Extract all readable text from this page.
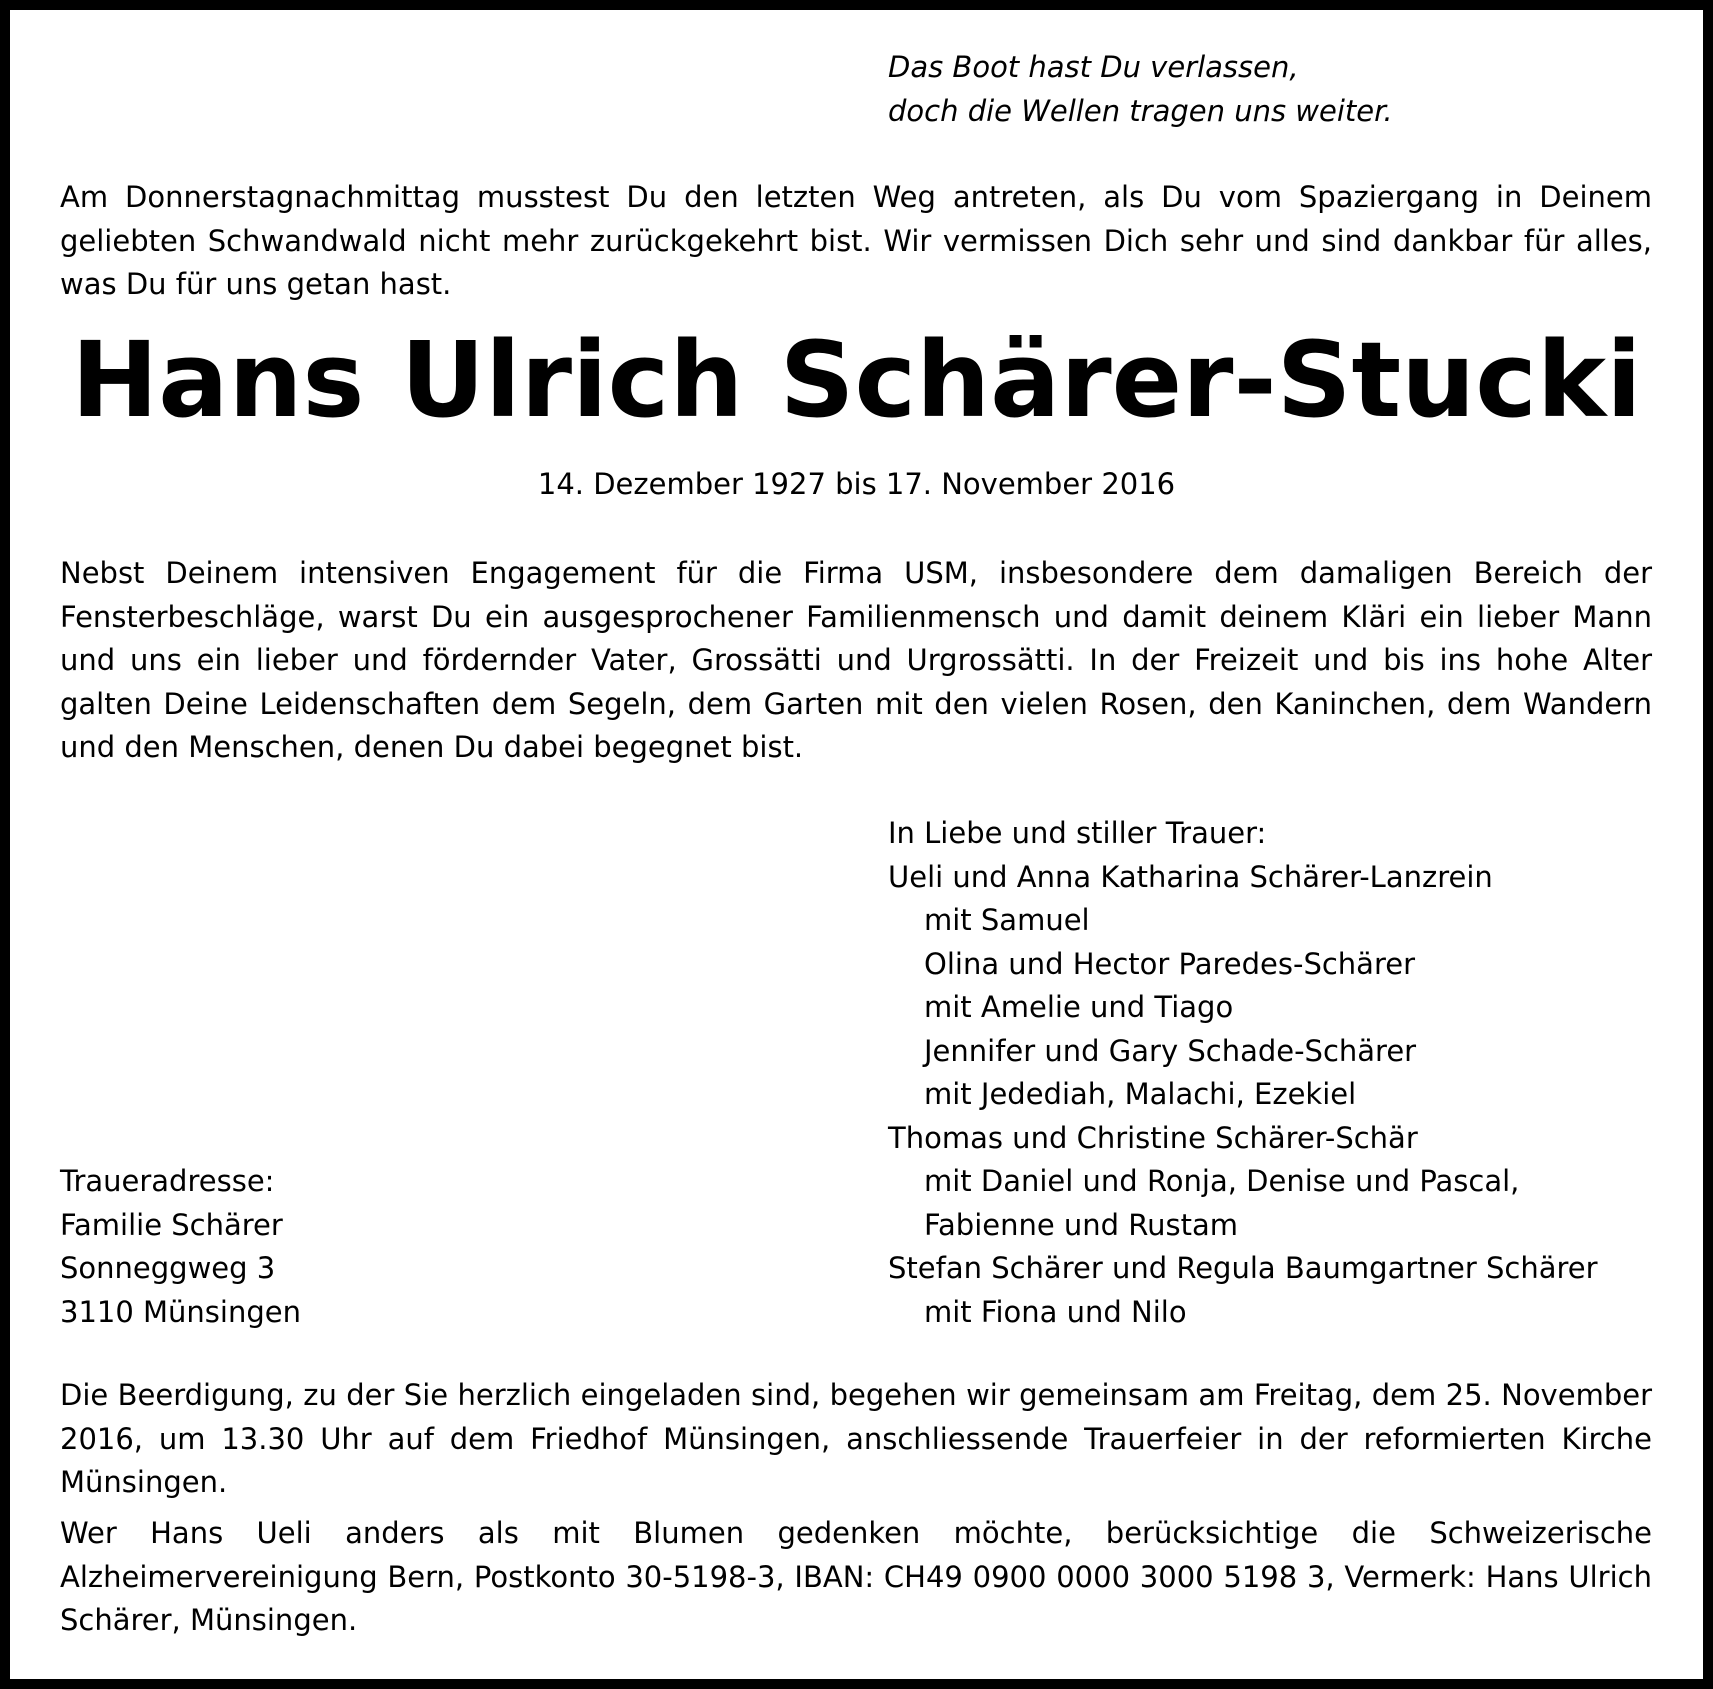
Das Boot hast Du verlassen,
doch die Wellen tragen uns weiter.
Am Donnerstagnachmittag musstest Du den letzten Weg antreten, als Du vom Spaziergang in Deinem geliebten Schwandwald nicht mehr zurückgekehrt bist. Wir vermissen Dich sehr und sind dankbar für alles, was Du für uns getan hast.
Hans Ulrich Schärer-Stucki
14. Dezember 1927 bis 17. November 2016
Nebst Deinem intensiven Engagement für die Firma USM, insbesondere dem damaligen Bereich der Fensterbeschläge, warst Du ein ausgesprochener Familienmensch und damit deinem Kläri ein lieber Mann und uns ein lieber und fördernder Vater, Grossätti und Urgrossätti. In der Freizeit und bis ins hohe Alter galten Deine Leidenschaften dem Segeln, dem Garten mit den vielen Rosen, den Kaninchen, dem Wandern und den Menschen, denen Du dabei begegnet bist.
In Liebe und stiller Trauer:
Ueli und Anna Katharina Schärer-Lanzrein
mit Samuel
Olina und Hector Paredes-Schärer
mit Amelie und Tiago
Jennifer und Gary Schade-Schärer
mit Jedediah, Malachi, Ezekiel
Thomas und Christine Schärer-Schär
mit Daniel und Ronja, Denise und Pascal,
Fabienne und Rustam
Stefan Schärer und Regula Baumgartner Schärer
mit Fiona und Nilo
Traueradresse:
Familie Schärer
Sonneggweg 3
3110 Münsingen
Die Beerdigung, zu der Sie herzlich eingeladen sind, begehen wir gemeinsam am Freitag, dem 25. November 2016, um 13.30 Uhr auf dem Friedhof Münsingen, anschliessende Trauerfeier in der reformierten Kirche Münsingen.
Wer Hans Ueli anders als mit Blumen gedenken möchte, berücksichtige die Schweizerische Alzheimervereinigung Bern, Postkonto 30-5198-3, IBAN: CH49 0900 0000 3000 5198 3, Vermerk: Hans Ulrich Schärer, Münsingen.
